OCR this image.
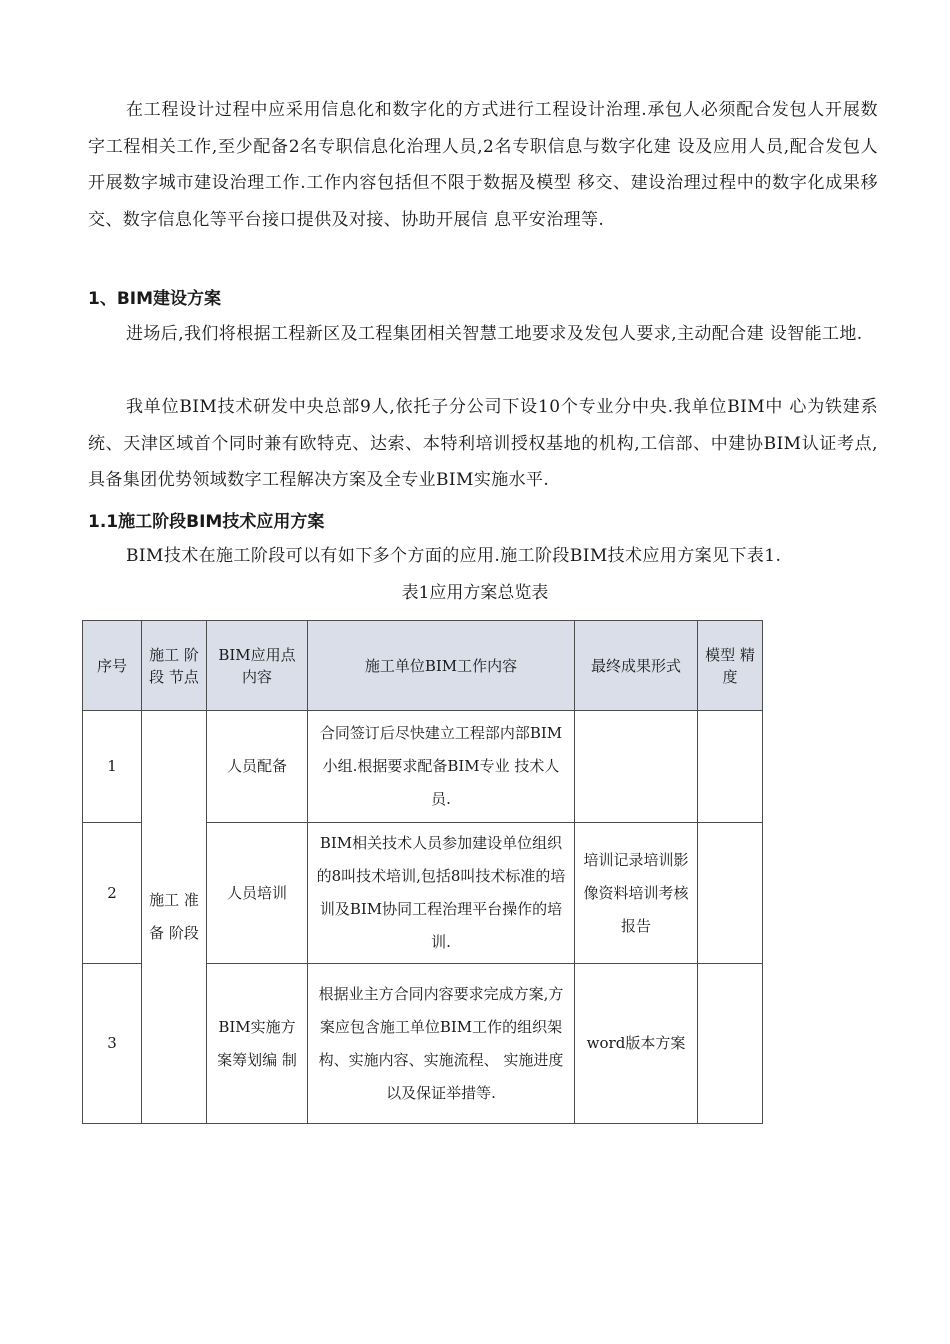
在工程设计过程中应采用信息化和数字化的方式进行工程设计治理.承包人必须配合发包人开展数字工程相关工作,至少配备2名专职信息化治理人员,2名专职信息与数字化建 设及应用人员,配合发包人开展数字城市建设治理工作.工作内容包括但不限于数据及模型 移交、建设治理过程中的数字化成果移交、数字信息化等平台接口提供及对接、协助开展信 息平安治理等.

1、BIM建设方案

进场后,我们将根据工程新区及工程集团相关智慧工地要求及发包人要求,主动配合建 设智能工地.

我单位BIM技术研发中央总部9人,依托子分公司下设10个专业分中央.我单位BIM中 心为铁建系统、天津区域首个同时兼有欧特克、达索、本特利培训授权基地的机构,工信部、中建协BIM认证考点,具备集团优势领域数字工程解决方案及全专业BIM实施水平.

1.1施工阶段BIM技术应用方案

BIM技术在施工阶段可以有如下多个方面的应用.施工阶段BIM技术应用方案见下表1.

表1应用方案总览表

序号	施工 阶段 节点	BIM应用点内容	施工单位BIM工作内容	最终成果形式	模型 精度
1	施工 准备 阶段	人员配备	合同签订后尽快建立工程部内部BIM小组.根据要求配备BIM专业 技术人员.		
2		人员培训	BIM相关技术人员参加建设单位组织的8叫技术培训,包括8叫技术标准的培训及BIM协同工程治理平台操作的培训.	培训记录培训影像资料培训考核报告	
3		BIM实施方案筹划编 制	根据业主方合同内容要求完成方案,方案应包含施工单位BIM工作的组织架构、实施内容、实施流程、 实施进度以及保证举措等.	word版本方案	
